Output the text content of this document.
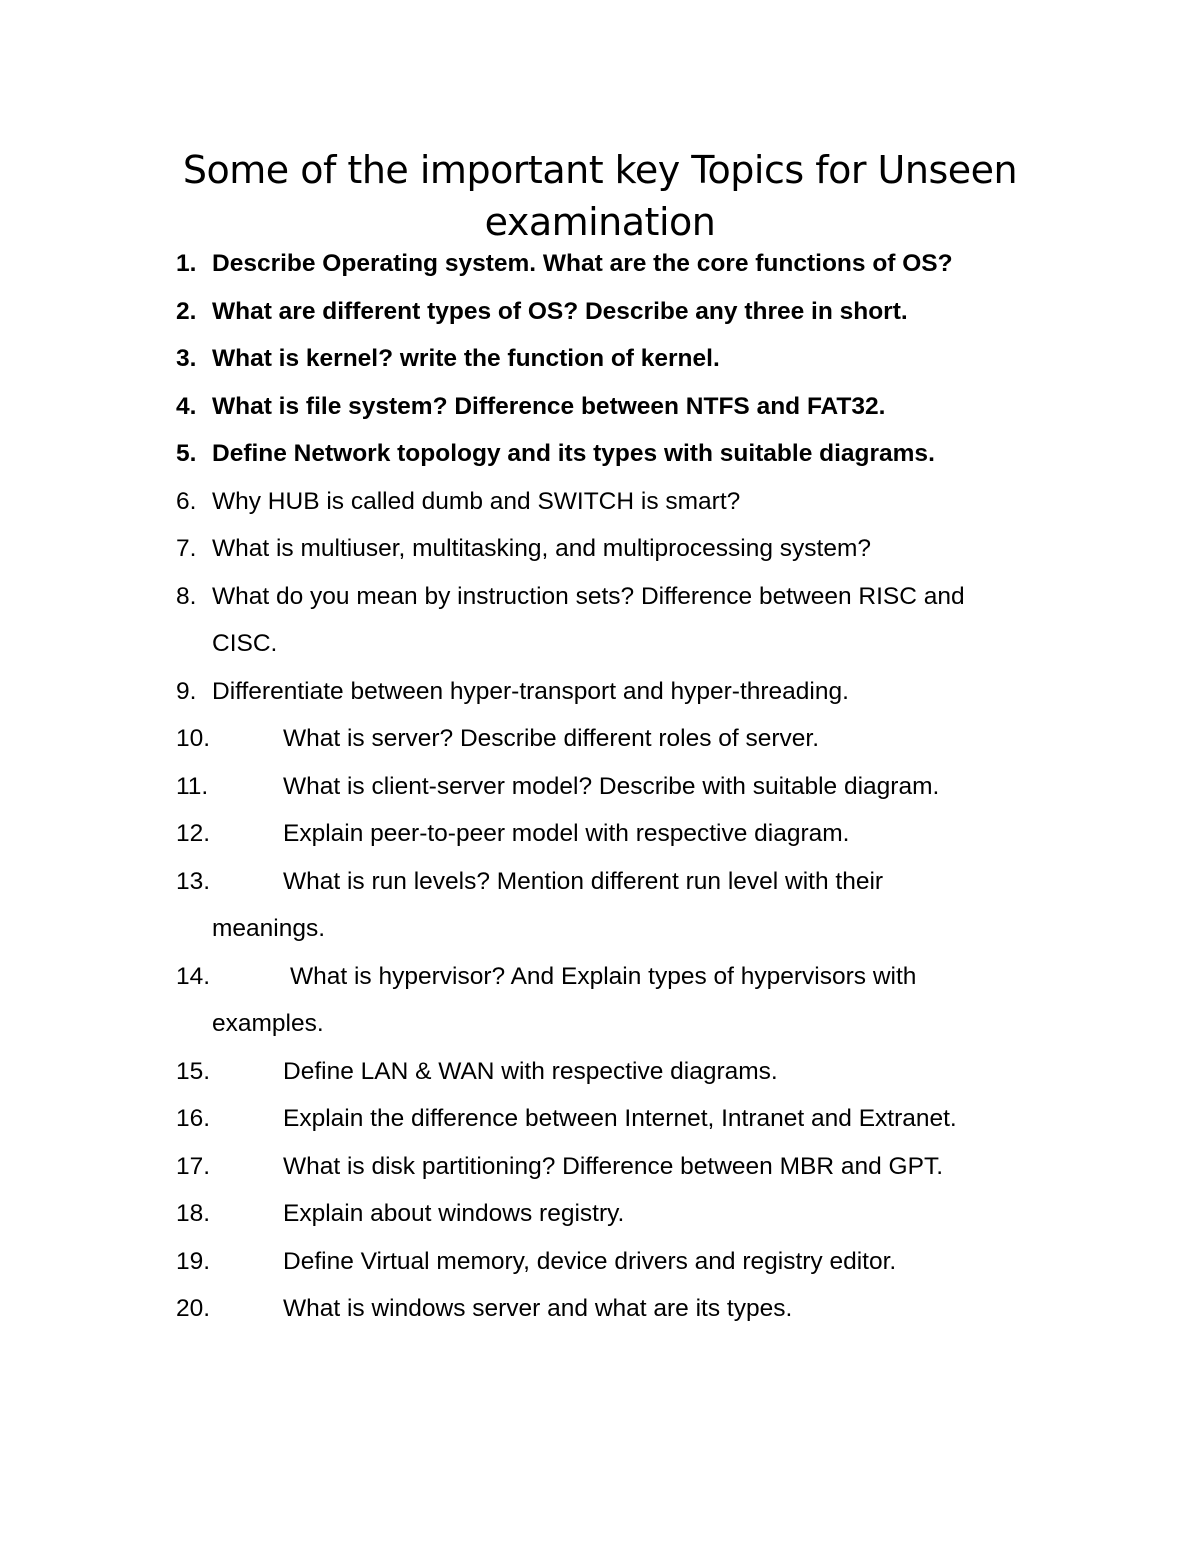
Some of the important key Topics for Unseen
examination
1. Describe Operating system. What are the core functions of OS?
2. What are different types of OS? Describe any three in short.
3. What is kernel? write the function of kernel.
4. What is file system? Difference between NTFS and FAT32.
5. Define Network topology and its types with suitable diagrams.
6. Why HUB is called dumb and SWITCH is smart?
7. What is multiuser, multitasking, and multiprocessing system?
8. What do you mean by instruction sets? Difference between RISC and
CISC.
9. Differentiate between hyper-transport and hyper-threading.
10.	What is server? Describe different roles of server.
11.	What is client-server model? Describe with suitable diagram.
12.	Explain peer-to-peer model with respective diagram.
13.	What is run levels? Mention different run level with their
meanings.
14.	What is hypervisor? And Explain types of hypervisors with
examples.
15.	Define LAN & WAN with respective diagrams.
16.	Explain the difference between Internet, Intranet and Extranet.
17.	What is disk partitioning? Difference between MBR and GPT.
18.	Explain about windows registry.
19.	Define Virtual memory, device drivers and registry editor.
20.	What is windows server and what are its types.
